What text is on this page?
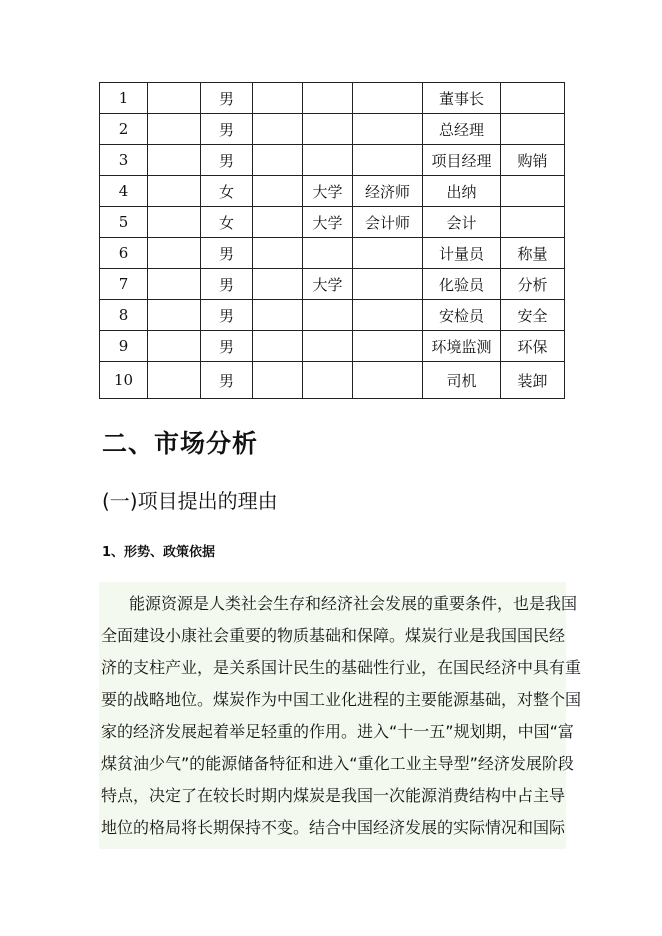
1		男				董事长	
2		男				总经理	
3		男				项目经理	购销
4		女		大学	经济师	出纳	
5		女		大学	会计师	会计	
6		男				计量员	称量
7		男		大学		化验员	分析
8		男				安检员	安全
9		男				环境监测	环保
10		男				司机	装卸
二、市场分析
(一)项目提出的理由
1、形势、政策依据
能源资源是人类社会生存和经济社会发展的重要条件，也是我国
全面建设小康社会重要的物质基础和保障。煤炭行业是我国国民经
济的支柱产业，是关系国计民生的基础性行业，在国民经济中具有重
要的战略地位。煤炭作为中国工业化进程的主要能源基础，对整个国
家的经济发展起着举足轻重的作用。进入“十一五”规划期，中国“富
煤贫油少气”的能源储备特征和进入“重化工业主导型”经济发展阶段
特点，决定了在较长时期内煤炭是我国一次能源消费结构中占主导
地位的格局将长期保持不变。结合中国经济发展的实际情况和国际
